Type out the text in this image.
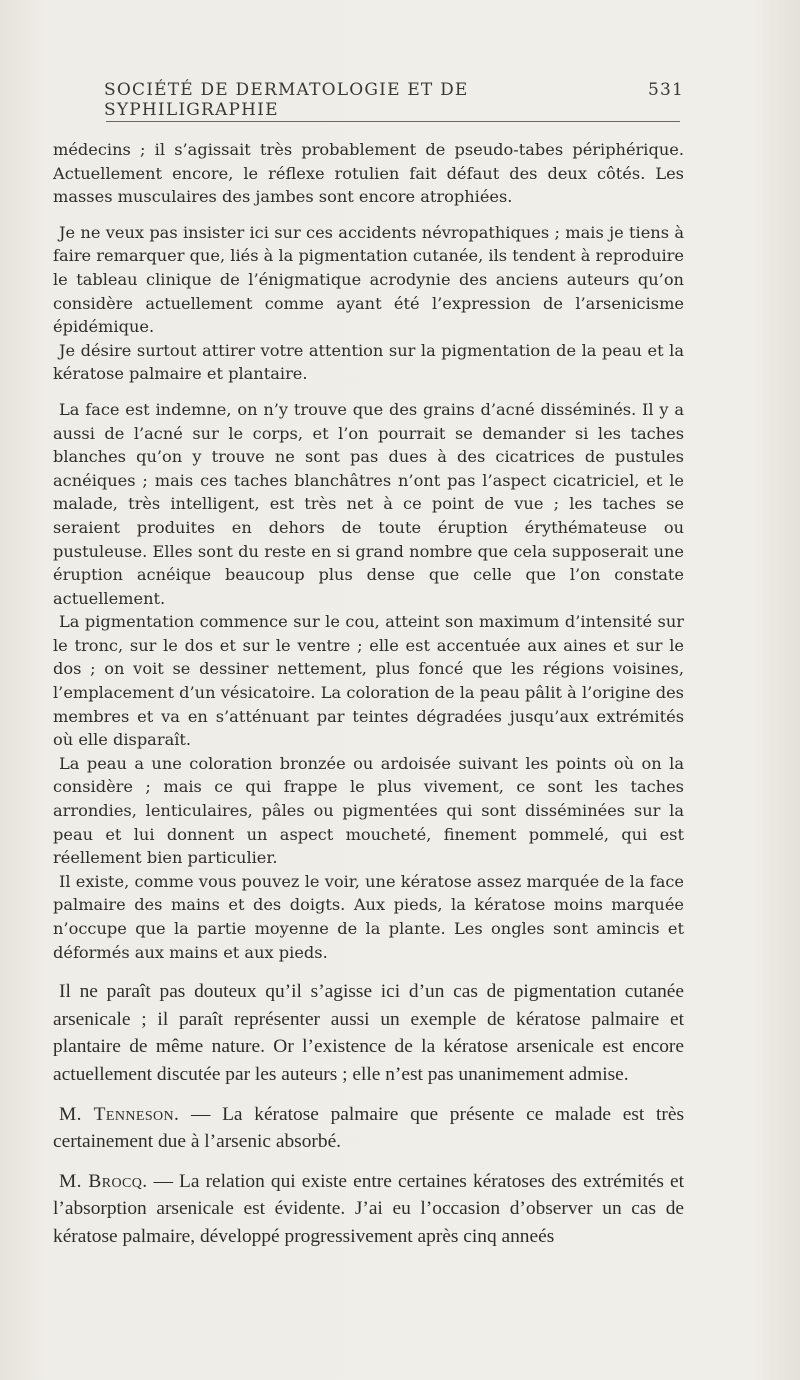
SOCIÉTÉ DE DERMATOLOGIE ET DE SYPHILIGRAPHIE
531

médecins ; il s’agissait très probablement de pseudo-tabes périphérique. Actuellement encore, le réflexe rotulien fait défaut des deux côtés. Les masses musculaires des jambes sont encore atrophiées.

Je ne veux pas insister ici sur ces accidents névropathiques ; mais je tiens à faire remarquer que, liés à la pigmentation cutanée, ils tendent à reproduire le tableau clinique de l’énigmatique acrodynie des anciens auteurs qu’on considère actuellement comme ayant été l’expression de l’arsenicisme épidémique.

Je désire surtout attirer votre attention sur la pigmentation de la peau et la kératose palmaire et plantaire.

La face est indemne, on n’y trouve que des grains d’acné disséminés. Il y a aussi de l’acné sur le corps, et l’on pourrait se demander si les taches blanches qu’on y trouve ne sont pas dues à des cicatrices de pustules acnéiques ; mais ces taches blanchâtres n’ont pas l’aspect cicatriciel, et le malade, très intelligent, est très net à ce point de vue ; les taches se seraient produites en dehors de toute éruption érythémateuse ou pustuleuse. Elles sont du reste en si grand nombre que cela supposerait une éruption acnéique beaucoup plus dense que celle que l’on constate actuellement.

La pigmentation commence sur le cou, atteint son maximum d’intensité sur le tronc, sur le dos et sur le ventre ; elle est accentuée aux aines et sur le dos ; on voit se dessiner nettement, plus foncé que les régions voisines, l’emplacement d’un vésicatoire. La coloration de la peau pâlit à l’origine des membres et va en s’atténuant par teintes dégradées jusqu’aux extrémités où elle disparaît.

La peau a une coloration bronzée ou ardoisée suivant les points où on la considère ; mais ce qui frappe le plus vivement, ce sont les taches arrondies, lenticulaires, pâles ou pigmentées qui sont disséminées sur la peau et lui donnent un aspect moucheté, finement pommelé, qui est réellement bien particulier.

Il existe, comme vous pouvez le voir, une kératose assez marquée de la face palmaire des mains et des doigts. Aux pieds, la kératose moins marquée n’occupe que la partie moyenne de la plante. Les ongles sont amincis et déformés aux mains et aux pieds.

Il ne paraît pas douteux qu’il s’agisse ici d’un cas de pigmentation cutanée arsenicale ; il paraît représenter aussi un exemple de kératose palmaire et plantaire de même nature. Or l’existence de la kératose arsenicale est encore actuellement discutée par les auteurs ; elle n’est pas unanimement admise.

M. Tenneson. — La kératose palmaire que présente ce malade est très certainement due à l’arsenic absorbé.

M. Brocq. — La relation qui existe entre certaines kératoses des extrémités et l’absorption arsenicale est évidente. J’ai eu l’occasion d’observer un cas de kératose palmaire, développé progressivement après cinq anneés
